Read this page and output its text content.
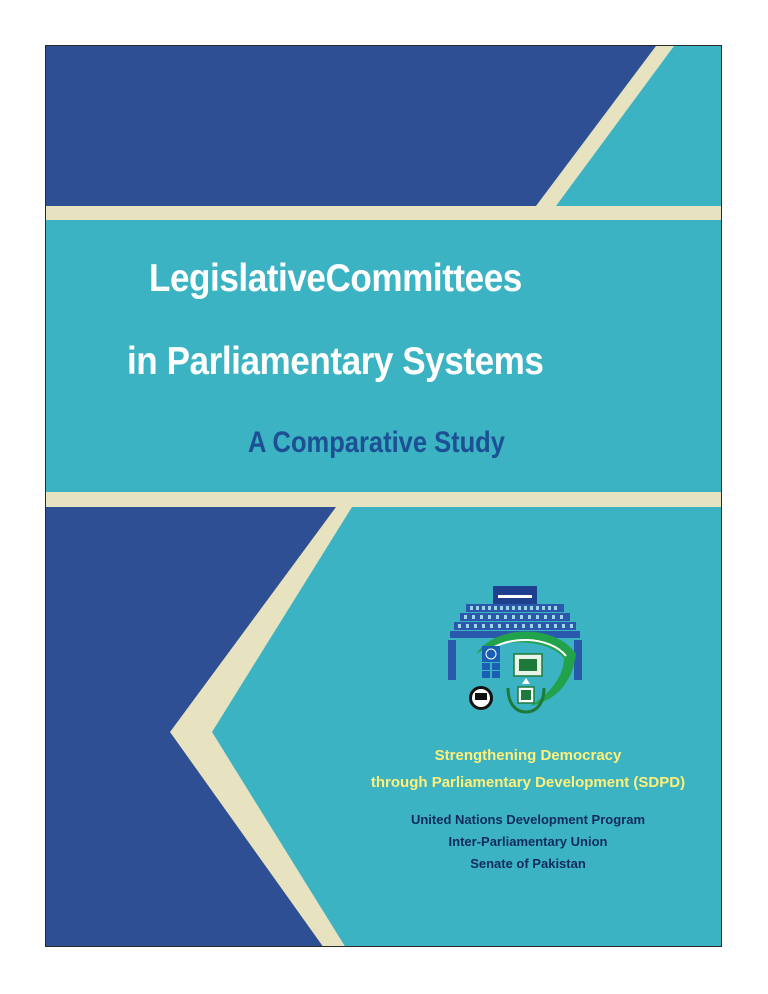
LegislativeCommittees
in Parliamentary Systems
A Comparative Study
Strengthening Democracy
through Parliamentary Development (SDPD)
United Nations Development Program
Inter-Parliamentary Union
Senate of Pakistan
